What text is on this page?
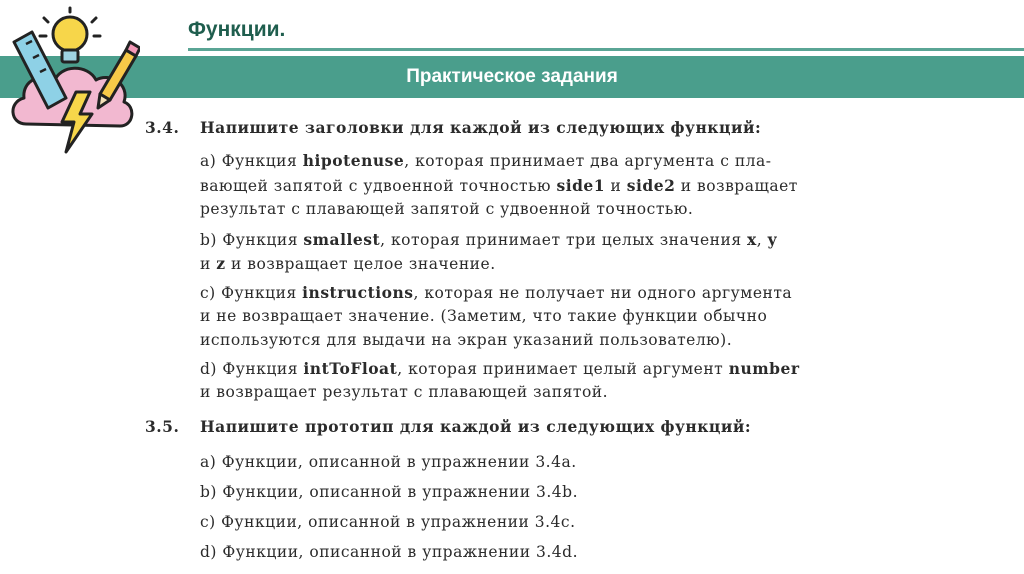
Функции.
Практическое задания
3.4. Напишите заголовки для каждой из следующих функций:
a) Функция hipotenuse, которая принимает два аргумента с пла-
вающей запятой с удвоенной точностью side1 и side2 и возвращает
результат с плавающей запятой с удвоенной точностью.
b) Функция smallest, которая принимает три целых значения x, y
и z и возвращает целое значение.
c) Функция instructions, которая не получает ни одного аргумента
и не возвращает значение. (Заметим, что такие функции обычно
используются для выдачи на экран указаний пользователю).
d) Функция intToFloat, которая принимает целый аргумент number
и возвращает результат с плавающей запятой.
3.5. Напишите прототип для каждой из следующих функций:
a) Функции, описанной в упражнении 3.4a.
b) Функции, описанной в упражнении 3.4b.
c) Функции, описанной в упражнении 3.4c.
d) Функции, описанной в упражнении 3.4d.
